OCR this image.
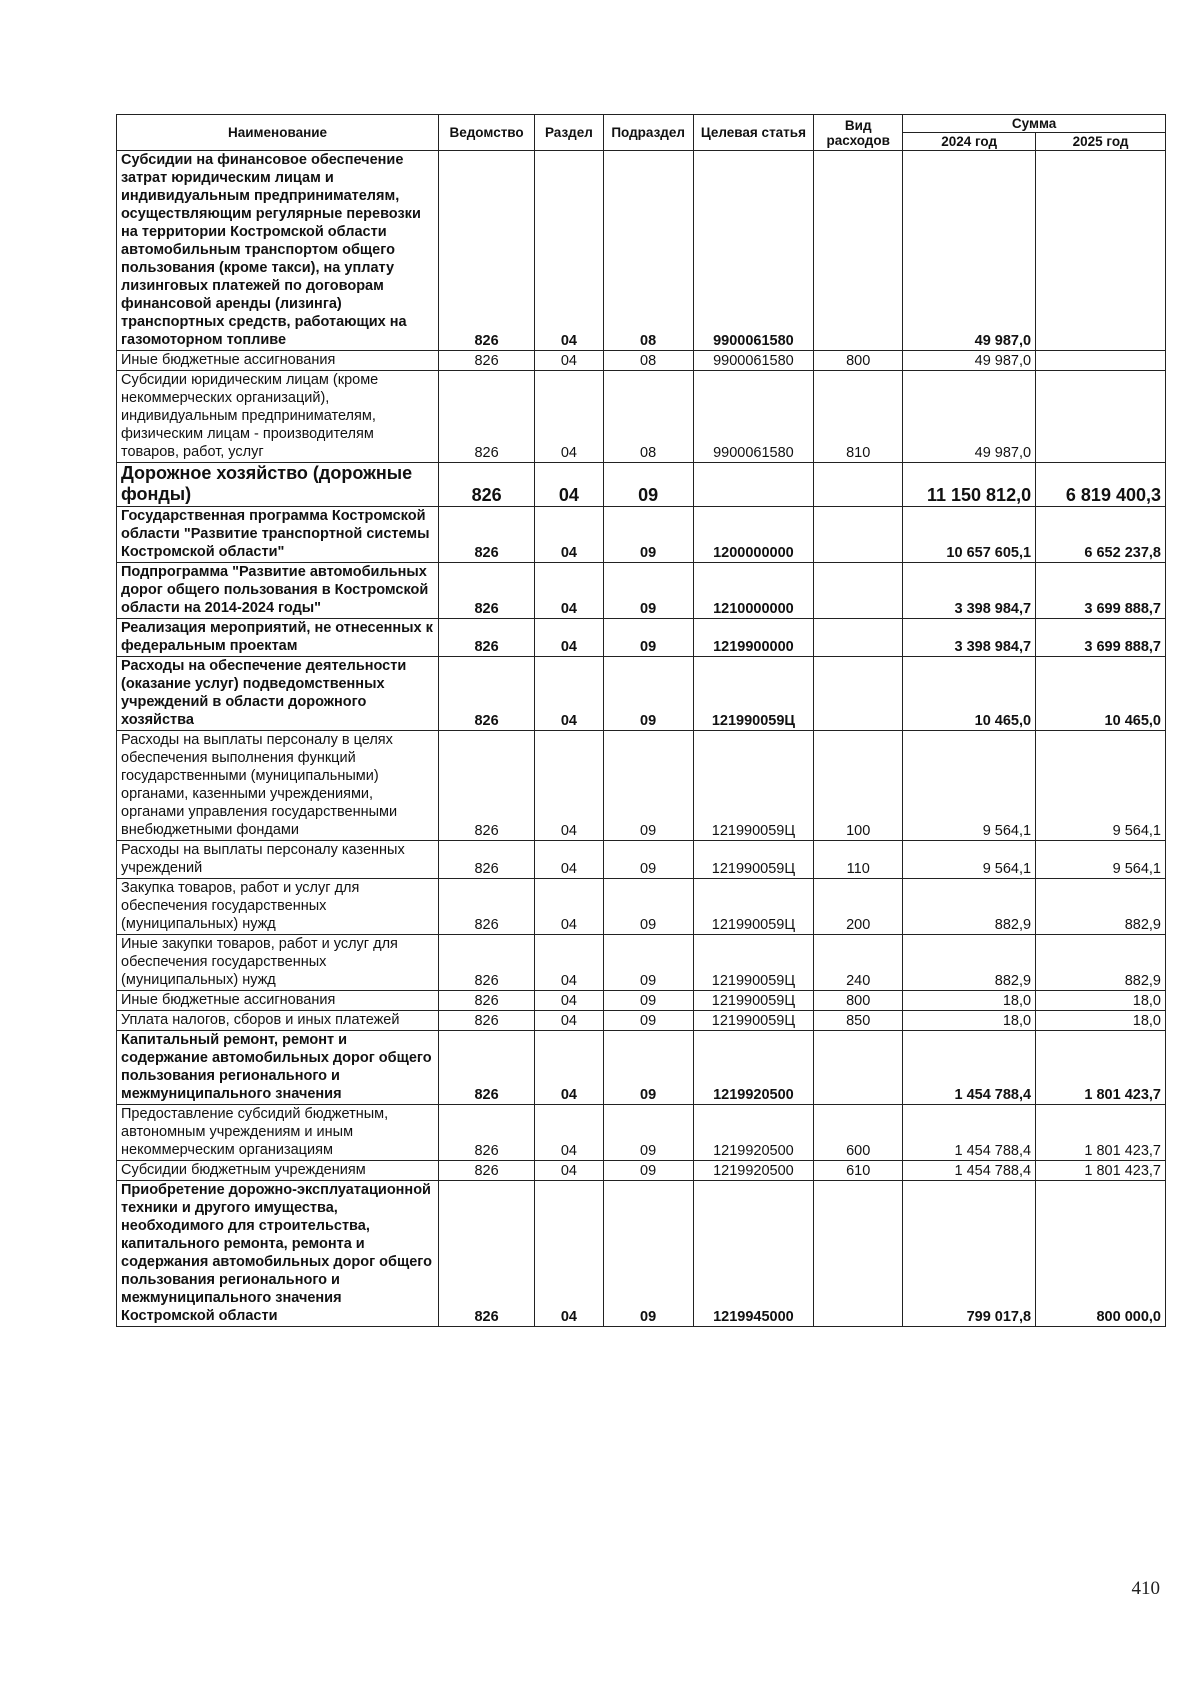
Наименование	Ведомство	Раздел	Подраздел	Целевая статья	Вид расходов	Сумма	
						2024 год	2025 год
Субсидии на финансовое обеспечение затрат юридическим лицам и индивидуальным предпринимателям, осуществляющим регулярные перевозки на территории Костромской области автомобильным транспортом общего пользования (кроме такси), на уплату лизинговых платежей по договорам финансовой аренды (лизинга) транспортных средств, работающих на газомоторном топливе	826	04	08	9900061580		49 987,0	
Иные бюджетные ассигнования	826	04	08	9900061580	800	49 987,0	
Субсидии юридическим лицам (кроме некоммерческих организаций), индивидуальным предпринимателям, физическим лицам - производителям товаров, работ, услуг	826	04	08	9900061580	810	49 987,0	
Дорожное хозяйство (дорожные фонды)	826	04	09			11 150 812,0	6 819 400,3
Государственная программа Костромской области "Развитие транспортной системы Костромской области"	826	04	09	1200000000		10 657 605,1	6 652 237,8
Подпрограмма "Развитие автомобильных дорог общего пользования в Костромской области на 2014-2024 годы"	826	04	09	1210000000		3 398 984,7	3 699 888,7
Реализация мероприятий, не отнесенных к федеральным проектам	826	04	09	1219900000		3 398 984,7	3 699 888,7
Расходы на обеспечение деятельности (оказание услуг) подведомственных учреждений в области дорожного хозяйства	826	04	09	121990059Ц		10 465,0	10 465,0
Расходы на выплаты персоналу в целях обеспечения выполнения функций государственными (муниципальными) органами, казенными учреждениями, органами управления государственными внебюджетными фондами	826	04	09	121990059Ц	100	9 564,1	9 564,1
Расходы на выплаты персоналу казенных учреждений	826	04	09	121990059Ц	110	9 564,1	9 564,1
Закупка товаров, работ и услуг для обеспечения государственных (муниципальных) нужд	826	04	09	121990059Ц	200	882,9	882,9
Иные закупки товаров, работ и услуг для обеспечения государственных (муниципальных) нужд	826	04	09	121990059Ц	240	882,9	882,9
Иные бюджетные ассигнования	826	04	09	121990059Ц	800	18,0	18,0
Уплата налогов, сборов и иных платежей	826	04	09	121990059Ц	850	18,0	18,0
Капитальный ремонт, ремонт и содержание автомобильных дорог общего пользования регионального и межмуниципального значения	826	04	09	1219920500		1 454 788,4	1 801 423,7
Предоставление субсидий бюджетным, автономным учреждениям и иным некоммерческим организациям	826	04	09	1219920500	600	1 454 788,4	1 801 423,7
Субсидии бюджетным учреждениям	826	04	09	1219920500	610	1 454 788,4	1 801 423,7
Приобретение дорожно-эксплуатационной техники и другого имущества, необходимого для строительства, капитального ремонта, ремонта и содержания автомобильных дорог общего пользования регионального и межмуниципального значения Костромской области	826	04	09	1219945000		799 017,8	800 000,0
410
